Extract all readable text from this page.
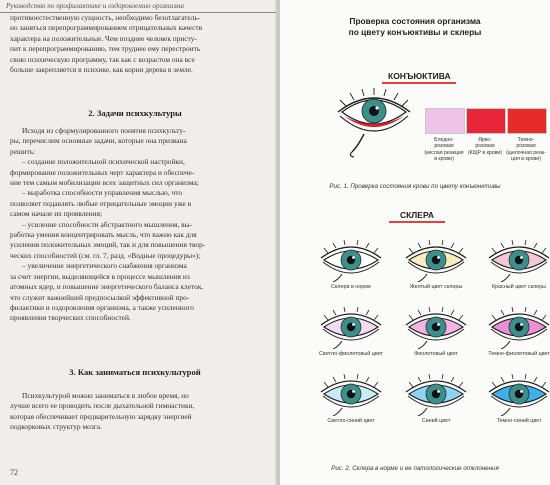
Руководство по профилактике и оздоровлению организма
противоестественную сущность, необходимо безотлагатель-
но заняться перепрограммированием отрицательных качеств
характера на положительные. Чем позднее человек присту-
пит к перепрограммированию, тем труднее ему перестроить
свою психическую программу, так как с возрастом она все
больше закрепляется в психике, как корни дерева в земле.
2. Задачи психкультуры
Исходя из сформулированного понятия психкульту-
ры, перечислим основные задачи, которые она призвана
решить:
– создание положительной психической настройки,
формирование положительных черт характера и обеспече-
ние тем самым мобилизации всех защитных сил организма;
– выработка способности управления мыслью, что
позволяет подавлять любые отрицательные эмоции уже в
самом начале их проявления;
– усиление способности абстрактного мышления, вы-
работка умения концентрировать мысль, что важно как для
усиления положительных эмоций, так и для повышения твор-
ческих способностей (см. гл. 7, разд. «Водные процедуры»);
– увеличение энергетического снабжения организма
за счет энергии, выделяющейся в процессе мышления из
атомных ядер, и повышение энергетического баланса клеток,
что служит важнейшей предпосылкой эффективной про-
филактики и оздоровления организма, а также усиленного
проявления творческих способностей.
3. Как заниматься психкультурой
Психкультурой можно заниматься в любое время, но
лучше всего ее проводить после дыхательной гимнастики,
которая обеспечивает предварительную зарядку энергией
подкорковых структур мозга.
72
Проверка состояния организма
по цвету конъюктивы и склеры
КОНЪЮКТИВА
Бледно-
розовая
(кислая реакция
в крови)
Ярко-
розовая
(КЩР в крови)
Темно-
розовая
(щелочная реак-
ция в крови)
Рис. 1. Проверка состояния крови по цвету конъюнктивы
СКЛЕРА
Склера в норме	Желтый цвет склеры	Красный цвет склеры
Светло-фиолетовый цвет	Фиолетовый цвет	Темно-фиолетовый цвет
Светло-синий цвет	Синий цвет	Темно-синий цвет
Рис. 2. Склера в норме и ее патологические отклонения
